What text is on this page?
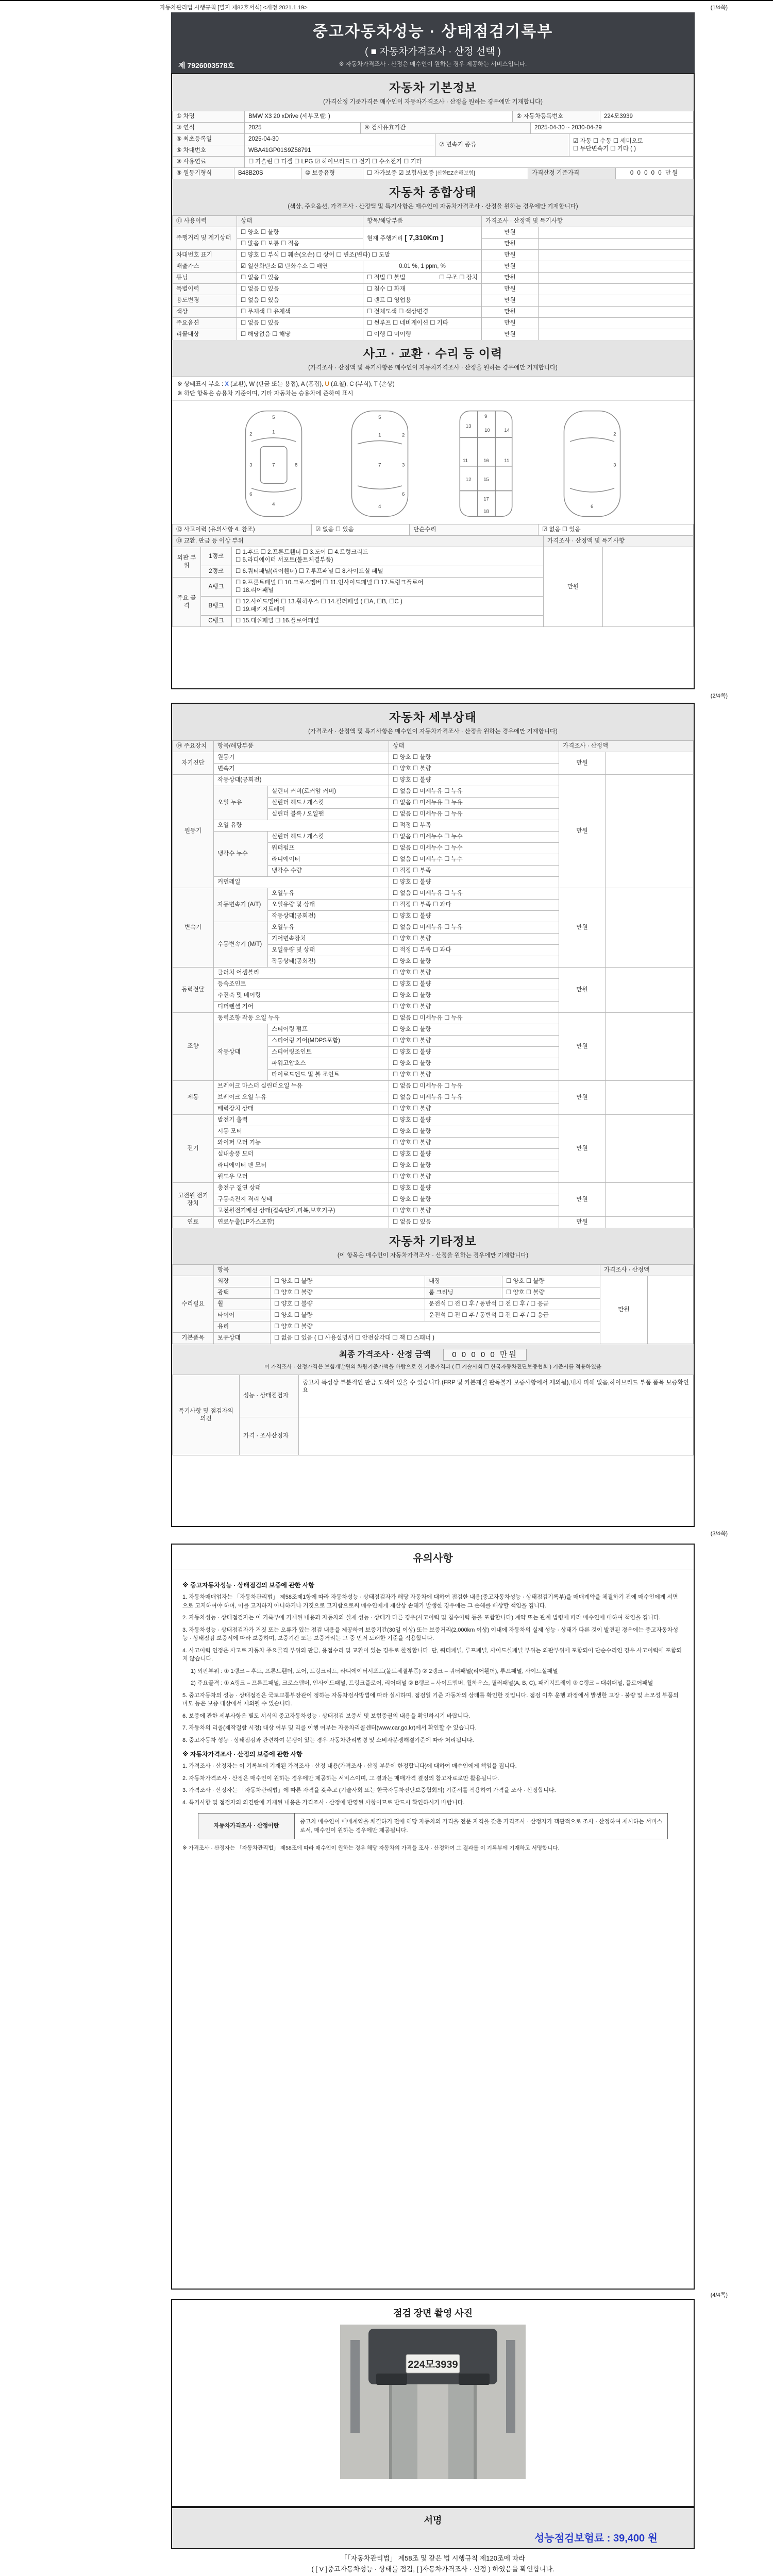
자동차관리법 시행규칙 [별지 제82호서식] <개정 2021.1.19>	(1/4쪽)
중고자동차성능 · 상태점검기록부
( ■ 자동차가격조사 · 산정 선택 )
※ 자동차가격조사 · 산정은 매수인이 원하는 경우 제공하는 서비스입니다.
제 7926003578호
자동차 기본정보
(가격산정 기준가격은 매수인이 자동차가격조사 · 산정을 원하는 경우에만 기재합니다)
① 차명	BMW X3 20 xDrive (세부모델: )	② 자동차등록번호	224모3939
③ 연식	2025	④ 검사유효기간	2025-04-30 ~ 2030-04-29
⑤ 최초등록일	2025-04-30	⑦ 변속기 종류	☑ 자동 ☐ 수동 ☐ 세미오토
☐ 무단변속기 ☐ 기타 ( )

⑥ 차대번호	WBA41GP01S9Z58791		
⑧ 사용연료	☐ 가솔린 ☐ 디젤 ☐ LPG ☑ 하이브리드 ☐ 전기 ☐ 수소전기 ☐ 기타
⑨ 원동기형식	B48B20S	⑩ 보증유형	☐ 자가보증 ☑ 보험사보증 [신한EZ손해보험]	가격산정 기준가격	0 0 0 0 0 만원
자동차 종합상태
(색상, 주요옵션, 가격조사 · 산정액 및 특기사항은 매수인이 자동차가격조사 · 산정을 원하는 경우에만 기재합니다)
⑪ 사용이력	상태	항목/해당부품	가격조사 · 산정액 및 특기사항	
주행거리 및 계기상태	☐ 양호 ☐ 불량	현재 주행거리 [ 7,310Km ]	만원	
	☐ 많음 ☐ 보통 ☐ 적음		만원	
차대번호 표기	☐ 양호 ☐ 부식 ☐ 훼손(오손) ☐ 상이 ☐ 변조(변타) ☐ 도말		만원	
배출가스	☑ 일산화탄소 ☑ 탄화수소 ☐ 매연	0.01 %, 1 ppm, %	만원	
튜닝	☐ 없음 ☐ 있음	☐ 적법 ☐ 불법 ☐ 구조 ☐ 장치	만원	
특별이력	☐ 없음 ☐ 있음	☐ 침수 ☐ 화재	만원	
용도변경	☐ 없음 ☐ 있음	☐ 렌트 ☐ 영업용	만원	
색상	☐ 무채색 ☐ 유채색	☐ 전체도색 ☐ 색상변경	만원	
주요옵션	☐ 없음 ☐ 있음	☐ 썬루프 ☐ 네비게이션 ☐ 기타	만원	
리콜대상	☐ 해당없음 ☐ 해당	☐ 이행 ☐ 미이행	만원	
사고 · 교환 · 수리 등 이력
(가격조사 · 산정액 및 특기사항은 매수인이 자동차가격조사 · 산정을 원하는 경우에만 기재합니다)
※ 상태표시 부호 : X (교환), W (판금 또는 용접), A (흠집), U (요철), C (부식), T (손상)
※ 하단 항목은 승용차 기준이며, 기타 자동차는 승용차에 준하여 표시
5
1
7
4
2
3
6
8
5
1
7
4
2
3
6
9
10
13
11	16	11
12 15
14
17
18
2
3
6
⑫ 사고이력 (유의사항 4. 참조)	☑ 없음 ☐ 있음	단순수리	☑ 없음 ☐ 있음
⑬ 교환, 판금 등 이상 부위			가격조사 · 산정액 및 특기사항	
외판 부위	1랭크	☐ 1.후드 ☐ 2.프론트휀더 ☐ 3.도어 ☐ 4.트렁크리드
☐ 5.라디에이터 서포트(볼트체결부품)	만원	
	2랭크	☐ 6.쿼터패널(리어휀더) ☐ 7.루프패널 ☐ 8.사이드실 패널		
주요 골격	A랭크	☐ 9.프론트패널 ☐ 10.크로스멤버 ☐ 11.인사이드패널 ☐ 17.트렁크플로어
☐ 18.리어패널		

	B랭크	☐ 12.사이드멤버 ☐ 13.휠하우스 ☐ 14.필러패널 ( ☐A, ☐B, ☐C )
☐ 19.패키지트레이		

	C랭크	☐ 15.대쉬패널 ☐ 16.플로어패널		
(2/4쪽)
자동차 세부상태
(가격조사 · 산정액 및 특기사항은 매수인이 자동차가격조사 · 산정을 원하는 경우에만 기재합니다)
⑭ 주요장치	항목/해당부품		상태	가격조사 · 산정액	
자기진단	원동기		☐ 양호 ☐ 불량	만원	
	변속기		☐ 양호 ☐ 불량		
원동기	작동상태(공회전)		☐ 양호 ☐ 불량	만원	
	오일 누유	실린더 커버(로커암 커버)	☐ 없음 ☐ 미세누유 ☐ 누유		
		실린더 헤드 / 개스킷	☐ 없음 ☐ 미세누유 ☐ 누유		
		실린더 블록 / 오일팬	☐ 없음 ☐ 미세누유 ☐ 누유		
	오일 유량		☐ 적정 ☐ 부족		
	냉각수 누수	실린더 헤드 / 개스킷	☐ 없음 ☐ 미세누수 ☐ 누수		
		워터펌프	☐ 없음 ☐ 미세누수 ☐ 누수		
		라디에이터	☐ 없음 ☐ 미세누수 ☐ 누수		
		냉각수 수량	☐ 적정 ☐ 부족		
	커먼레일		☐ 양호 ☐ 불량		
변속기	자동변속기 (A/T)	오일누유	☐ 없음 ☐ 미세누유 ☐ 누유	만원	
		오일유량 및 상태	☐ 적정 ☐ 부족 ☐ 과다		
		작동상태(공회전)	☐ 양호 ☐ 불량		
	수동변속기 (M/T)	오일누유	☐ 없음 ☐ 미세누유 ☐ 누유		
		기어변속장치	☐ 양호 ☐ 불량		
		오일유량 및 상태	☐ 적정 ☐ 부족 ☐ 과다		
		작동상태(공회전)	☐ 양호 ☐ 불량		
동력전달	클러치 어셈블리		☐ 양호 ☐ 불량	만원	
	등속조인트		☐ 양호 ☐ 불량		
	추진축 및 베어링		☐ 양호 ☐ 불량		
	디퍼렌셜 기어		☐ 양호 ☐ 불량		
조향	동력조향 작동 오일 누유		☐ 없음 ☐ 미세누유 ☐ 누유	만원	
	작동상태	스티어링 펌프	☐ 양호 ☐ 불량		
		스티어링 기어(MDPS포함)	☐ 양호 ☐ 불량		
		스티어링조인트	☐ 양호 ☐ 불량		
		파워고압호스	☐ 양호 ☐ 불량		
		타이로드엔드 및 볼 조인트	☐ 양호 ☐ 불량		
제동	브레이크 마스터 실린더오일 누유		☐ 없음 ☐ 미세누유 ☐ 누유	만원	
	브레이크 오일 누유		☐ 없음 ☐ 미세누유 ☐ 누유		
	배력장치 상태		☐ 양호 ☐ 불량		
전기	발전기 출력		☐ 양호 ☐ 불량	만원	
	시동 모터		☐ 양호 ☐ 불량		
	와이퍼 모터 기능		☐ 양호 ☐ 불량		
	실내송풍 모터		☐ 양호 ☐ 불량		
	라디에이터 팬 모터		☐ 양호 ☐ 불량		
	윈도우 모터		☐ 양호 ☐ 불량		
고전원 전기장치	충전구 절연 상태		☐ 양호 ☐ 불량	만원	
	구동축전지 격리 상태		☐ 양호 ☐ 불량		
	고전원전기배선 상태(접속단자,피복,보호기구)		☐ 양호 ☐ 불량		
연료	연료누출(LP가스포함)		☐ 없음 ☐ 있음	만원	
자동차 기타정보
(이 항목은 매수인이 자동차가격조사 · 산정을 원하는 경우에만 기재합니다)
	항목				가격조사 · 산정액	
수리필요	외장	☐ 양호 ☐ 불량	내장	☐ 양호 ☐ 불량	만원	
	광택	☐ 양호 ☐ 불량	룸 크리닝	☐ 양호 ☐ 불량		
	휠	☐ 양호 ☐ 불량	운전석 ☐ 전 ☐ 후 / 동반석 ☐ 전 ☐ 후 / ☐ 응급			
	타이어	☐ 양호 ☐ 불량	운전석 ☐ 전 ☐ 후 / 동반석 ☐ 전 ☐ 후 / ☐ 응급			
	유리	☐ 양호 ☐ 불량				
기본품목	보유상태	☐ 없음 ☐ 있음 ( ☐ 사용설명서 ☐ 안전삼각대 ☐ 잭 ☐ 스패너 )				
최종 가격조사 · 산정 금액	0 0 0 0 0 만원
이 가격조사 · 산정가격은 보험개발원의 차량기준가액을 바탕으로 한 기준가격과 ( ☐ 기술사회 ☐ 한국자동차진단보증협회 ) 기준서를 적용하였음
특기사항 및 점검자의 의견	성능 · 상태점검자	중고차 특성상 부분적인 판금,도색이 있을 수 있습니다.(FRP 및 카본재질 판독불가 보증사항에서 제외됨),내차 피해 없음,하이브리드 부품 품목 보증확인요
	가격 · 조사산정자	
(3/4쪽)
유의사항
※ 중고자동차성능 · 상태점검의 보증에 관한 사항

1. 자동차매매업자는 「자동차관리법」 제58조제1항에 따라 자동차성능 · 상태점검자가 해당 자동차에 대하여 점검한 내용(중고자동차성능 · 상태점검기록부)을 매매계약을 체결하기 전에 매수인에게 서면으로 고지하여야 하며, 이를 고지하지 아니하거나 거짓으로 고지함으로써 매수인에게 재산상 손해가 발생한 경우에는 그 손해를 배상할 책임을 집니다.

2. 자동차성능 · 상태점검자는 이 기록부에 기재된 내용과 자동차의 실제 성능 · 상태가 다른 경우(사고이력 및 침수이력 등을 포함합니다) 계약 또는 관계 법령에 따라 매수인에 대하여 책임을 집니다.

3. 자동차성능 · 상태점검자가 거짓 또는 오류가 있는 점검 내용을 제공하여 보증기간(30일 이상) 또는 보증거리(2,000km 이상) 이내에 자동차의 실제 성능 · 상태가 다른 것이 발견된 경우에는 중고자동차성능 · 상태점검 보증서에 따라 보증하며, 보증기간 또는 보증거리는 그 중 먼저 도래한 기준을 적용합니다.

4. 사고이력 인정은 사고로 자동차 주요골격 부위의 판금, 용접수리 및 교환이 있는 경우로 한정합니다. 단, 쿼터패널, 루프패널, 사이드실패널 부위는 외판부위에 포함되어 단순수리인 경우 사고이력에 포함되지 않습니다.

1) 외판부위 : ① 1랭크 – 후드, 프론트휀더, 도어, 트렁크리드, 라디에이터서포트(볼트체결부품) ② 2랭크 – 쿼터패널(리어휀더), 루프패널, 사이드실패널

2) 주요골격 : ① A랭크 – 프론트패널, 크로스멤버, 인사이드패널, 트렁크플로어, 리어패널 ② B랭크 – 사이드멤버, 휠하우스, 필러패널(A, B, C), 패키지트레이 ③ C랭크 – 대쉬패널, 플로어패널

5. 중고자동차의 성능 · 상태점검은 국토교통부장관이 정하는 자동차검사방법에 따라 실시하며, 점검일 기준 자동차의 상태를 확인한 것입니다. 점검 이후 운행 과정에서 발생한 고장 · 불량 및 소모성 부품의 마모 등은 보증 대상에서 제외될 수 있습니다.

6. 보증에 관한 세부사항은 별도 서식의 중고자동차성능 · 상태점검 보증서 및 보험증권의 내용을 확인하시기 바랍니다.

7. 자동차의 리콜(제작결함 시정) 대상 여부 및 리콜 이행 여부는 자동차리콜센터(www.car.go.kr)에서 확인할 수 있습니다.

8. 중고자동차 성능 · 상태점검과 관련하여 분쟁이 있는 경우 자동차관리법령 및 소비자분쟁해결기준에 따라 처리됩니다.

※ 자동차가격조사 · 산정의 보증에 관한 사항

1. 가격조사 · 산정자는 이 기록부에 기재된 가격조사 · 산정 내용(가격조사 · 산정 부분에 한정합니다)에 대하여 매수인에게 책임을 집니다.

2. 자동차가격조사 · 산정은 매수인이 원하는 경우에만 제공하는 서비스이며, 그 결과는 매매가격 결정의 참고자료로만 활용됩니다.

3. 가격조사 · 산정자는 「자동차관리법」에 따른 자격을 갖추고 (기술사회 또는 한국자동차진단보증협회의) 기준서를 적용하여 가격을 조사 · 산정합니다.

4. 특기사항 및 점검자의 의견란에 기재된 내용은 가격조사 · 산정에 반영된 사항이므로 반드시 확인하시기 바랍니다.

자동차가격조사 · 산정이란
중고차 매수인이 매매계약을 체결하기 전에 해당 자동차의 가격을 전문 자격을 갖춘 가격조사 · 산정자가 객관적으로 조사 · 산정하여 제시하는 서비스로서, 매수인이 원하는 경우에만 제공됩니다.
※ 가격조사 · 산정자는 「자동차관리법」 제58조에 따라 매수인이 원하는 경우 해당 자동차의 가격을 조사 · 산정하여 그 결과를 이 기록부에 기재하고 서명합니다.
(4/4쪽)
점검 장면 촬영 사진
224모3939
서명
성능점검보험료 : 39,400 원
「「자동차관리법」 제58조 및 같은 법 시행규칙 제120조에 따라
( [ V ]중고자동차성능 · 상태를 점검, [ ]자동차가격조사 · 산정 ) 하였음을 확인합니다.
